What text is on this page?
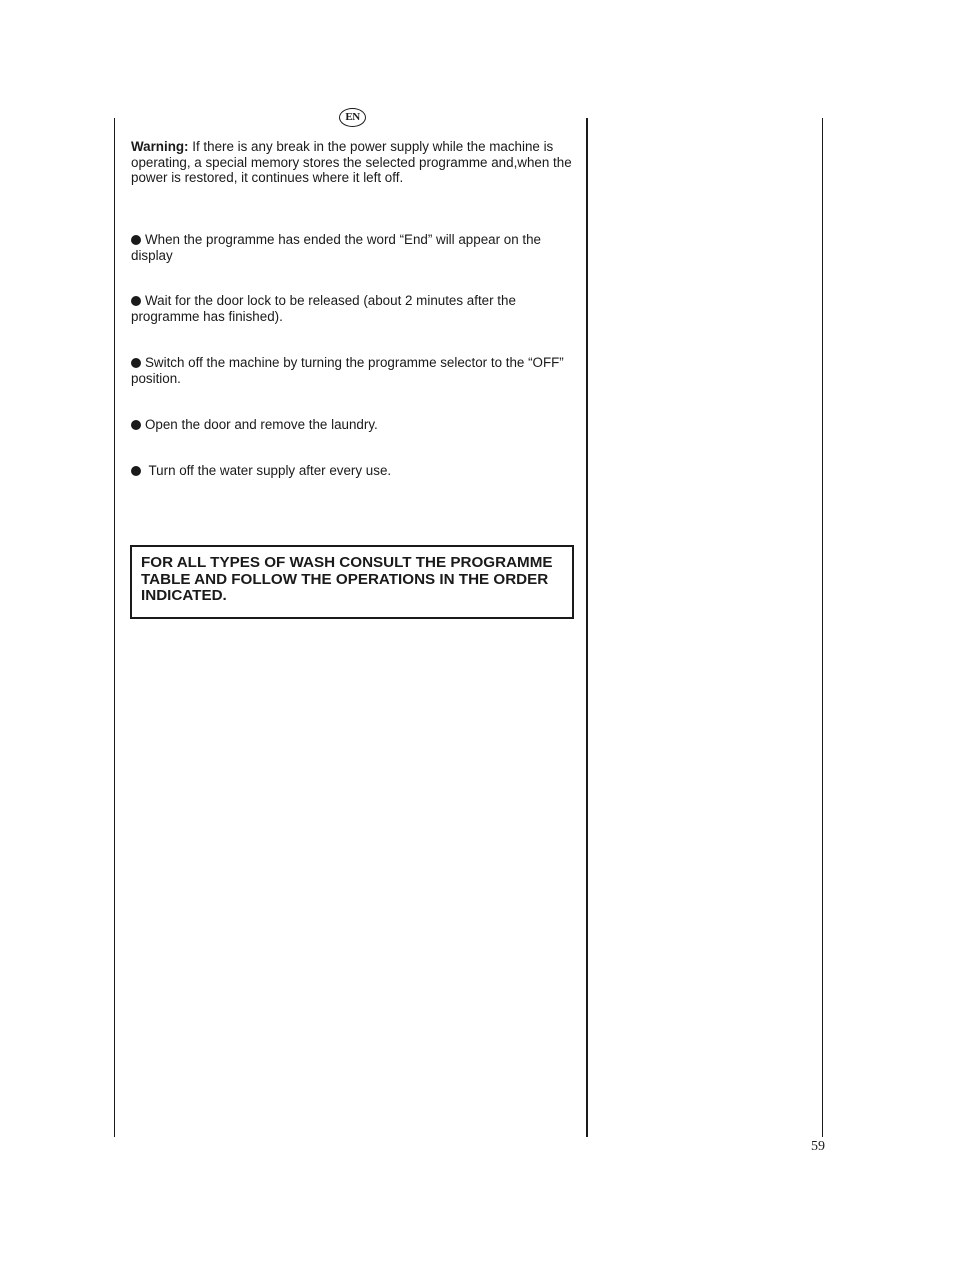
EN
Warning: If there is any break in the power supply while the machine is operating, a special memory stores the selected programme and,when the power is restored, it continues where it left off.
When the programme has ended the word “End” will appear on the display
Wait for the door lock to be released (about 2 minutes after the programme has finished).
Switch off the machine by turning the programme selector to the “OFF” position.
Open the door and remove the laundry.
Turn off the water supply after every use.
FOR ALL TYPES OF WASH CONSULT THE PROGRAMME TABLE AND FOLLOW THE OPERATIONS IN THE ORDER INDICATED.
59
